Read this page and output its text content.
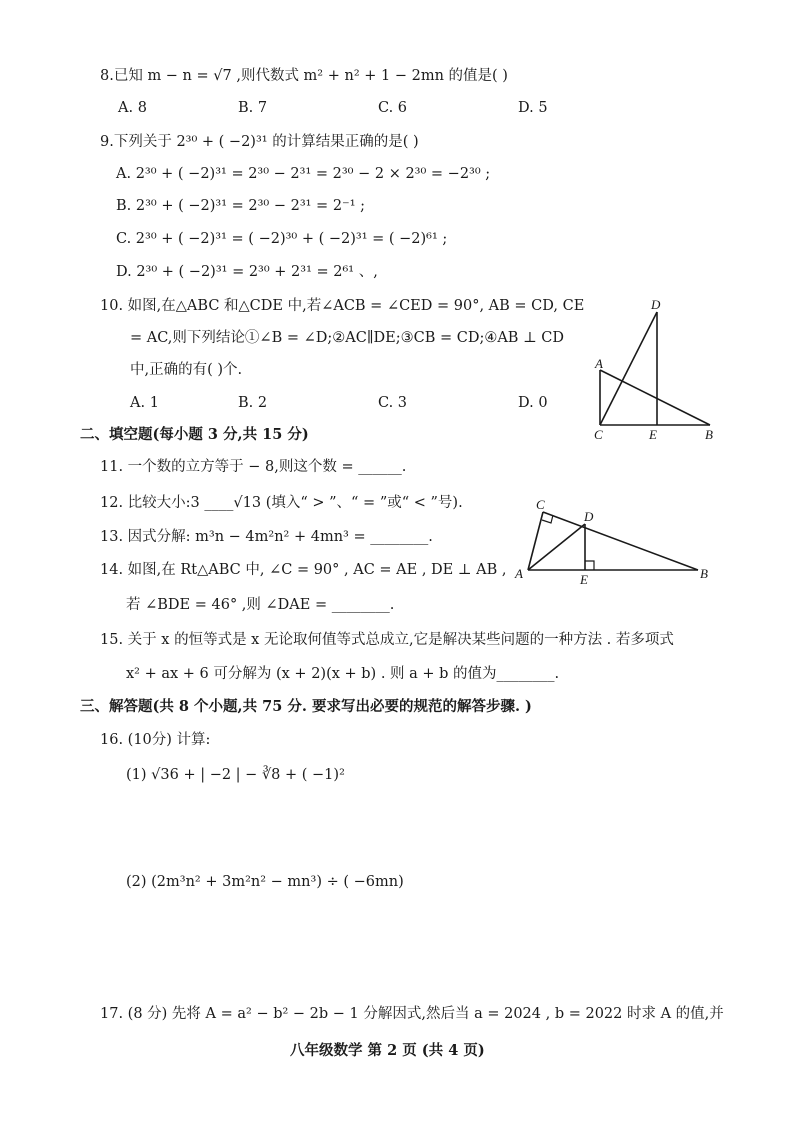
8.已知 m − n = √7 ,则代数式 m² + n² + 1 − 2mn 的值是( )
A. 8	B. 7	C. 6	D. 5
9.下列关于 2³⁰ + ( −2)³¹ 的计算结果正确的是( )
A. 2³⁰ + ( −2)³¹ = 2³⁰ − 2³¹ = 2³⁰ − 2 × 2³⁰ = −2³⁰ ;
B. 2³⁰ + ( −2)³¹ = 2³⁰ − 2³¹ = 2⁻¹ ;
C. 2³⁰ + ( −2)³¹ = ( −2)³⁰ + ( −2)³¹ = ( −2)⁶¹ ;
D. 2³⁰ + ( −2)³¹ = 2³⁰ + 2³¹ = 2⁶¹ 、,
10. 如图,在△ABC 和△CDE 中,若∠ACB = ∠CED = 90°, AB = CD, CE
= AC,则下列结论①∠B = ∠D;②AC∥DE;③CB = CD;④AB ⊥ CD
中,正确的有( )个.
A. 1	B. 2	C. 3	D. 0
D
A
C	E	B
二、填空题(每小题 3 分,共 15 分)
11. 一个数的立方等于 − 8,则这个数 = ______.
12. 比较大小:3 ____√13 (填入“ > ”、“ = ”或“ < ”号).
13. 因式分解: m³n − 4m²n² + 4mn³ = ________.
14. 如图,在 Rt△ABC 中, ∠C = 90° , AC = AE , DE ⊥ AB ,
若 ∠BDE = 46° ,则 ∠DAE = ________.
C
D
A	E	B
15. 关于 x 的恒等式是 x 无论取何值等式总成立,它是解决某些问题的一种方法 . 若多项式
x² + ax + 6 可分解为 (x + 2)(x + b) . 则 a + b 的值为________.
三、解答题(共 8 个小题,共 75 分. 要求写出必要的规范的解答步骤. )
16. (10分) 计算:
(1) √36 + | −2 | − ∛8 + ( −1)²
(2) (2m³n² + 3m²n² − mn³) ÷ ( −6mn)
17. (8 分) 先将 A = a² − b² − 2b − 1 分解因式,然后当 a = 2024 , b = 2022 时求 A 的值,并
八年级数学 第 2 页 (共 4 页)
